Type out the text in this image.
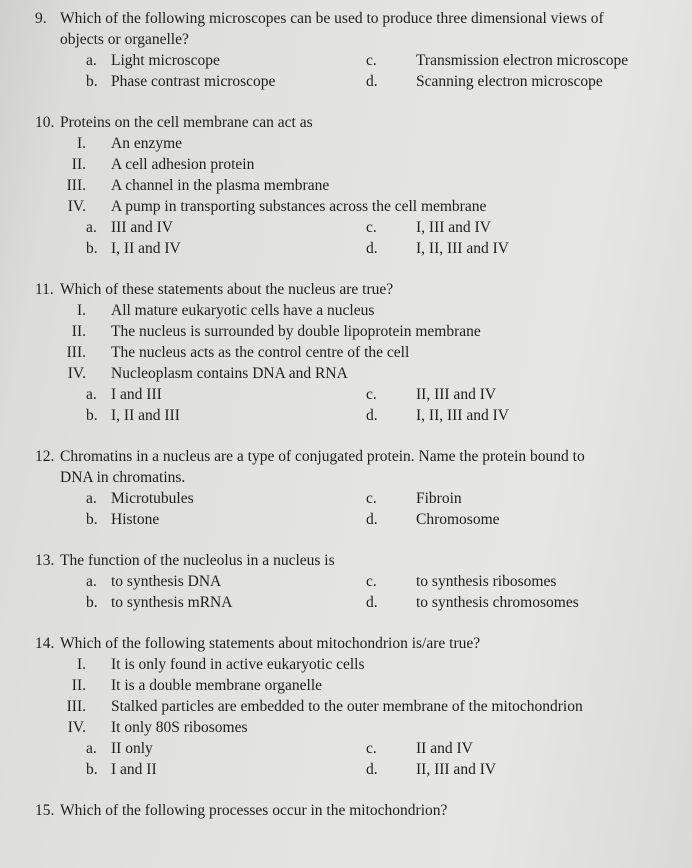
9. Which of the following microscopes can be used to produce three dimensional views of
objects or organelle?
a. Light microscope	c.	Transmission electron microscope
b. Phase contrast microscope	d. Scanning electron microscope
10. Proteins on the cell membrane can act as
I. An enzyme
II. A cell adhesion protein
III. A channel in the plasma membrane
IV. A pump in transporting substances across the cell membrane
a. III and IV	c.	I, III and IV
b. I, II and IV	d. I, II, III and IV
11. Which of these statements about the nucleus are true?
I. All mature eukaryotic cells have a nucleus
II. The nucleus is surrounded by double lipoprotein membrane
III. The nucleus acts as the control centre of the cell
IV. Nucleoplasm contains DNA and RNA
a. I and III	c.	II, III and IV
b. I, II and III	d. I, II, III and IV
12. Chromatins in a nucleus are a type of conjugated protein. Name the protein bound to
DNA in chromatins.
a. Microtubules	c.	Fibroin
b. Histone	d. Chromosome
13. The function of the nucleolus in a nucleus is
a. to synthesis DNA	c.	to synthesis ribosomes
b. to synthesis mRNA	d. to synthesis chromosomes
14. Which of the following statements about mitochondrion is/are true?
I. It is only found in active eukaryotic cells
II. It is a double membrane organelle
III. Stalked particles are embedded to the outer membrane of the mitochondrion
IV. It only 80S ribosomes
a. II only	c.	II and IV
b. I and II	d. II, III and IV
15. Which of the following processes occur in the mitochondrion?
